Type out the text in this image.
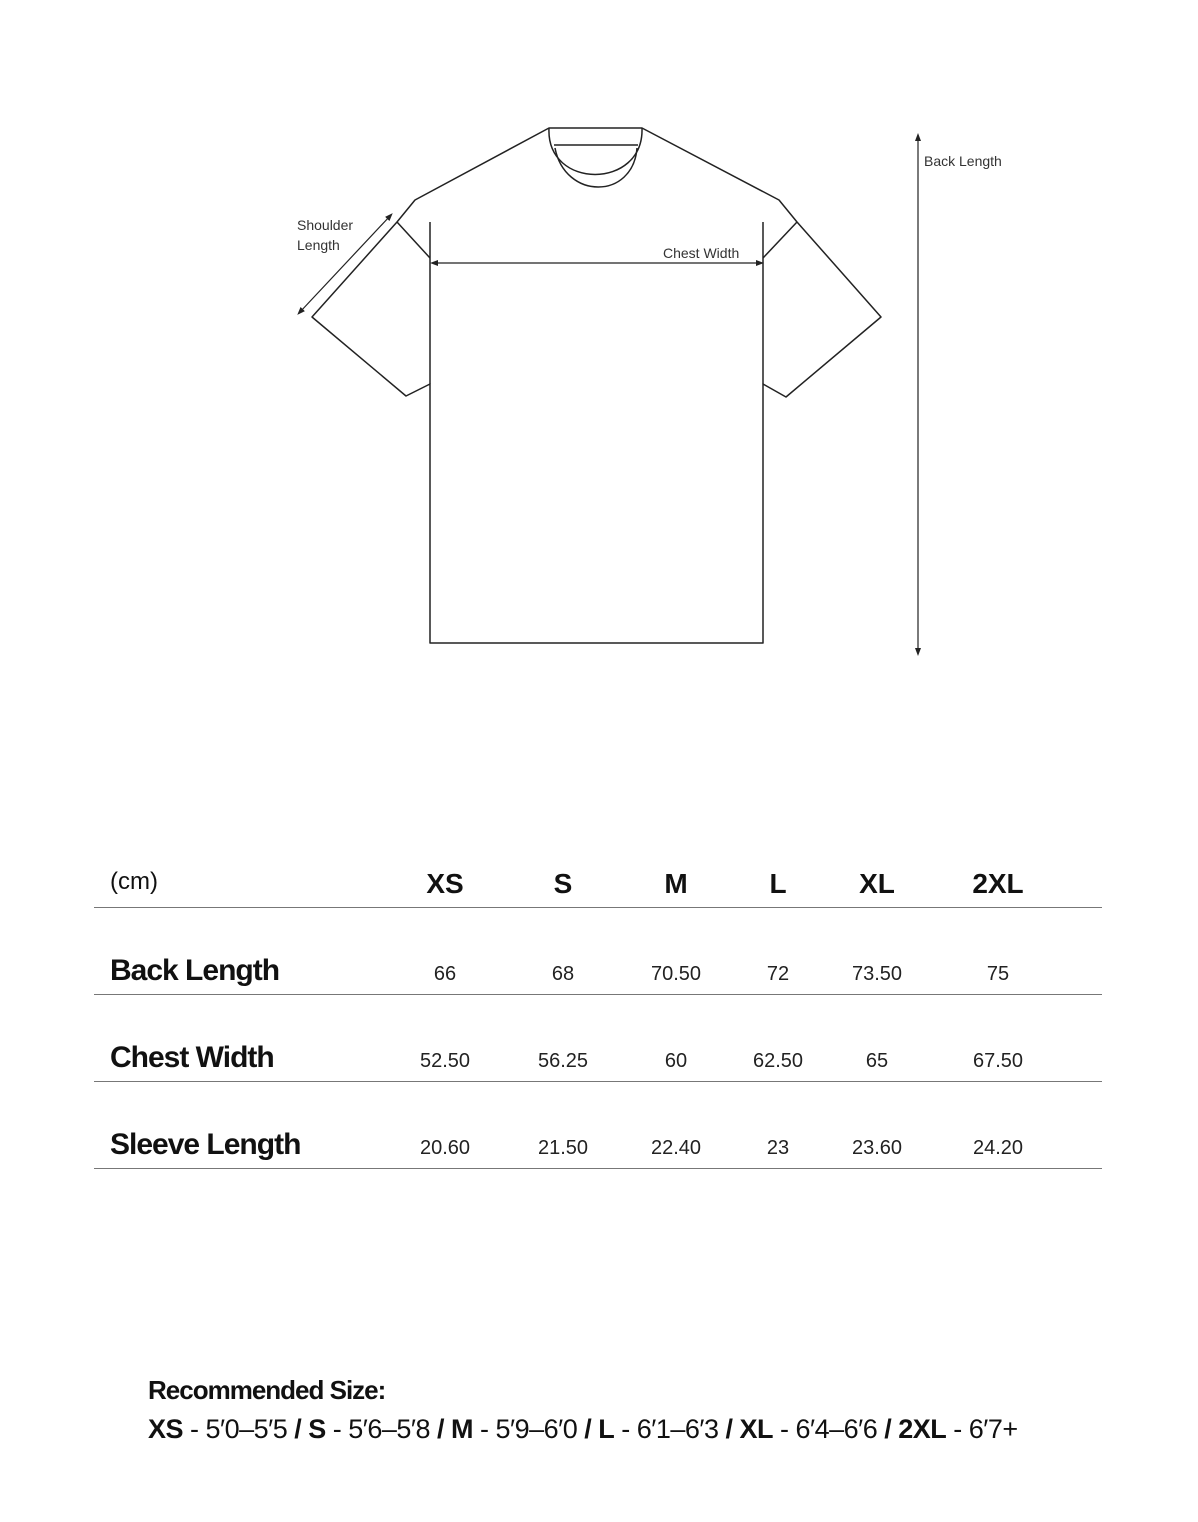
Shoulder Length	Chest Width
Back Length
(cm)	XS	S	M	L	XL	2XL
Back Length	66	68	70.50	72	73.50	75
Chest Width	52.50	56.25	60	62.50	65	67.50
Sleeve Length	20.60	21.50	22.40	23	23.60	24.20
Recommended Size:
XS - 5′0–5′5 / S - 5′6–5′8 / M - 5′9–6′0 / L - 6′1–6′3 / XL - 6′4–6′6 / 2XL - 6′7+
